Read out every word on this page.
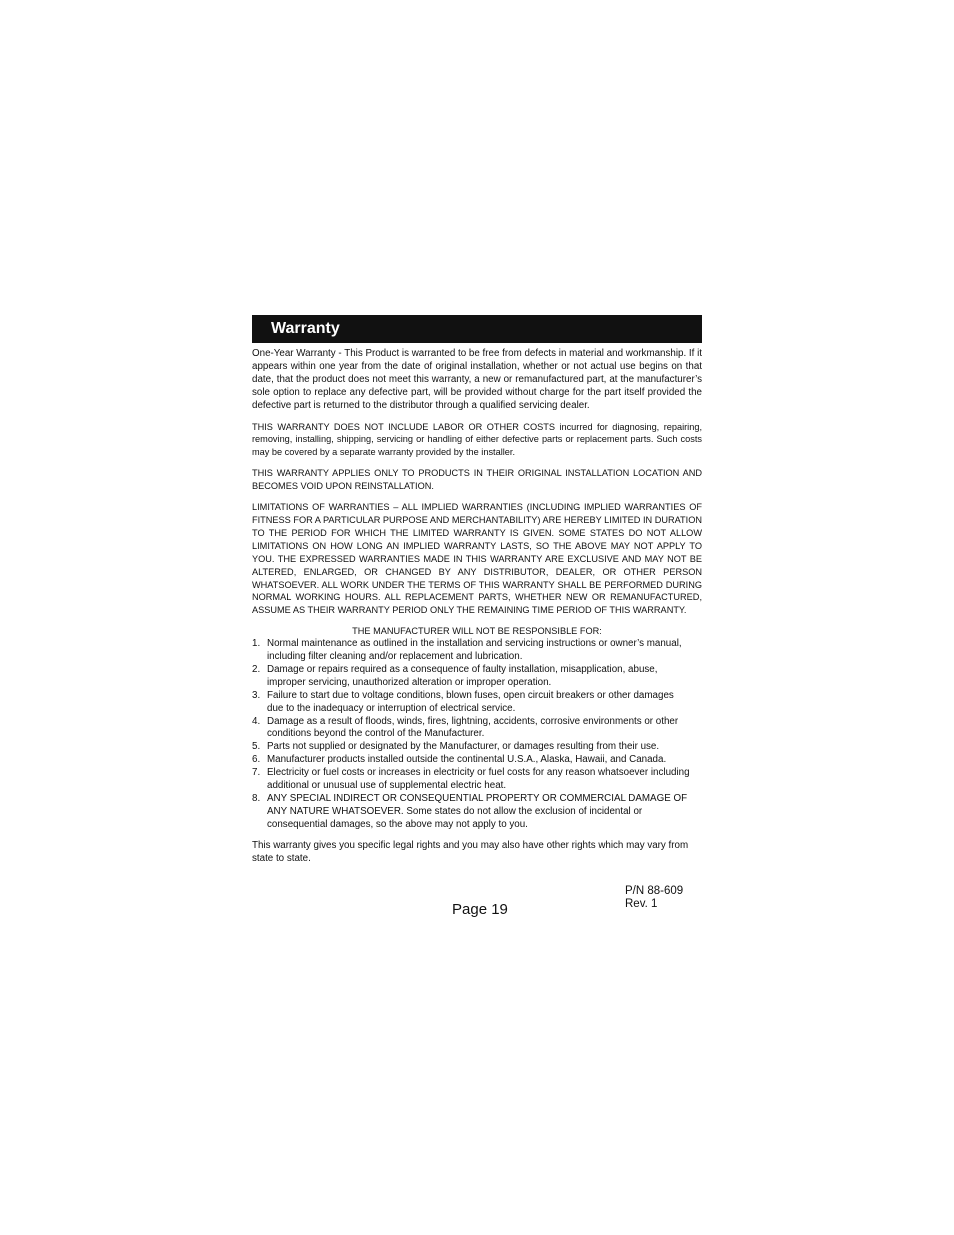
Warranty

One-Year Warranty - This Product is warranted to be free from defects in material and workmanship. If it appears within one year from the date of original installation, whether or not actual use begins on that date, that the product does not meet this warranty, a new or remanufactured part, at the manufacturer’s sole option to replace any defective part, will be provided without charge for the part itself provided the defective part is returned to the distributor through a qualified servicing dealer.

THIS WARRANTY DOES NOT INCLUDE LABOR OR OTHER COSTS incurred for diagnosing, repairing, removing, installing, shipping, servicing or handling of either defective parts or replacement parts. Such costs may be covered by a separate warranty provided by the installer.

THIS WARRANTY APPLIES ONLY TO PRODUCTS IN THEIR ORIGINAL INSTALLATION LOCATION AND BECOMES VOID UPON REINSTALLATION.

LIMITATIONS OF WARRANTIES – ALL IMPLIED WARRANTIES (INCLUDING IMPLIED WARRANTIES OF FITNESS FOR A PARTICULAR PURPOSE AND MERCHANTABILITY) ARE HEREBY LIMITED IN DURATION TO THE PERIOD FOR WHICH THE LIMITED WARRANTY IS GIVEN. SOME STATES DO NOT ALLOW LIMITATIONS ON HOW LONG AN IMPLIED WARRANTY LASTS, SO THE ABOVE MAY NOT APPLY TO YOU. THE EXPRESSED WARRANTIES MADE IN THIS WARRANTY ARE EXCLUSIVE AND MAY NOT BE ALTERED, ENLARGED, OR CHANGED BY ANY DISTRIBUTOR, DEALER, OR OTHER PERSON WHATSOEVER. ALL WORK UNDER THE TERMS OF THIS WARRANTY SHALL BE PERFORMED DURING NORMAL WORKING HOURS. ALL REPLACEMENT PARTS, WHETHER NEW OR REMANUFACTURED, ASSUME AS THEIR WARRANTY PERIOD ONLY THE REMAINING TIME PERIOD OF THIS WARRANTY.

THE MANUFACTURER WILL NOT BE RESPONSIBLE FOR:

1. Normal maintenance as outlined in the installation and servicing instructions or owner’s manual, including filter cleaning and/or replacement and lubrication.
2. Damage or repairs required as a consequence of faulty installation, misapplication, abuse, improper servicing, unauthorized alteration or improper operation.
3. Failure to start due to voltage conditions, blown fuses, open circuit breakers or other damages due to the inadequacy or interruption of electrical service.
4. Damage as a result of floods, winds, fires, lightning, accidents, corrosive environments or other conditions beyond the control of the Manufacturer.
5. Parts not supplied or designated by the Manufacturer, or damages resulting from their use.
6. Manufacturer products installed outside the continental U.S.A., Alaska, Hawaii, and Canada.
7. Electricity or fuel costs or increases in electricity or fuel costs for any reason whatsoever including additional or unusual use of supplemental electric heat.
8. ANY SPECIAL INDIRECT OR CONSEQUENTIAL PROPERTY OR COMMERCIAL DAMAGE OF ANY NATURE WHATSOEVER. Some states do not allow the exclusion of incidental or consequential damages, so the above may not apply to you.

This warranty gives you specific legal rights and you may also have other rights which may vary from state to state.

P/N 88-609
Rev. 1
Page 19
